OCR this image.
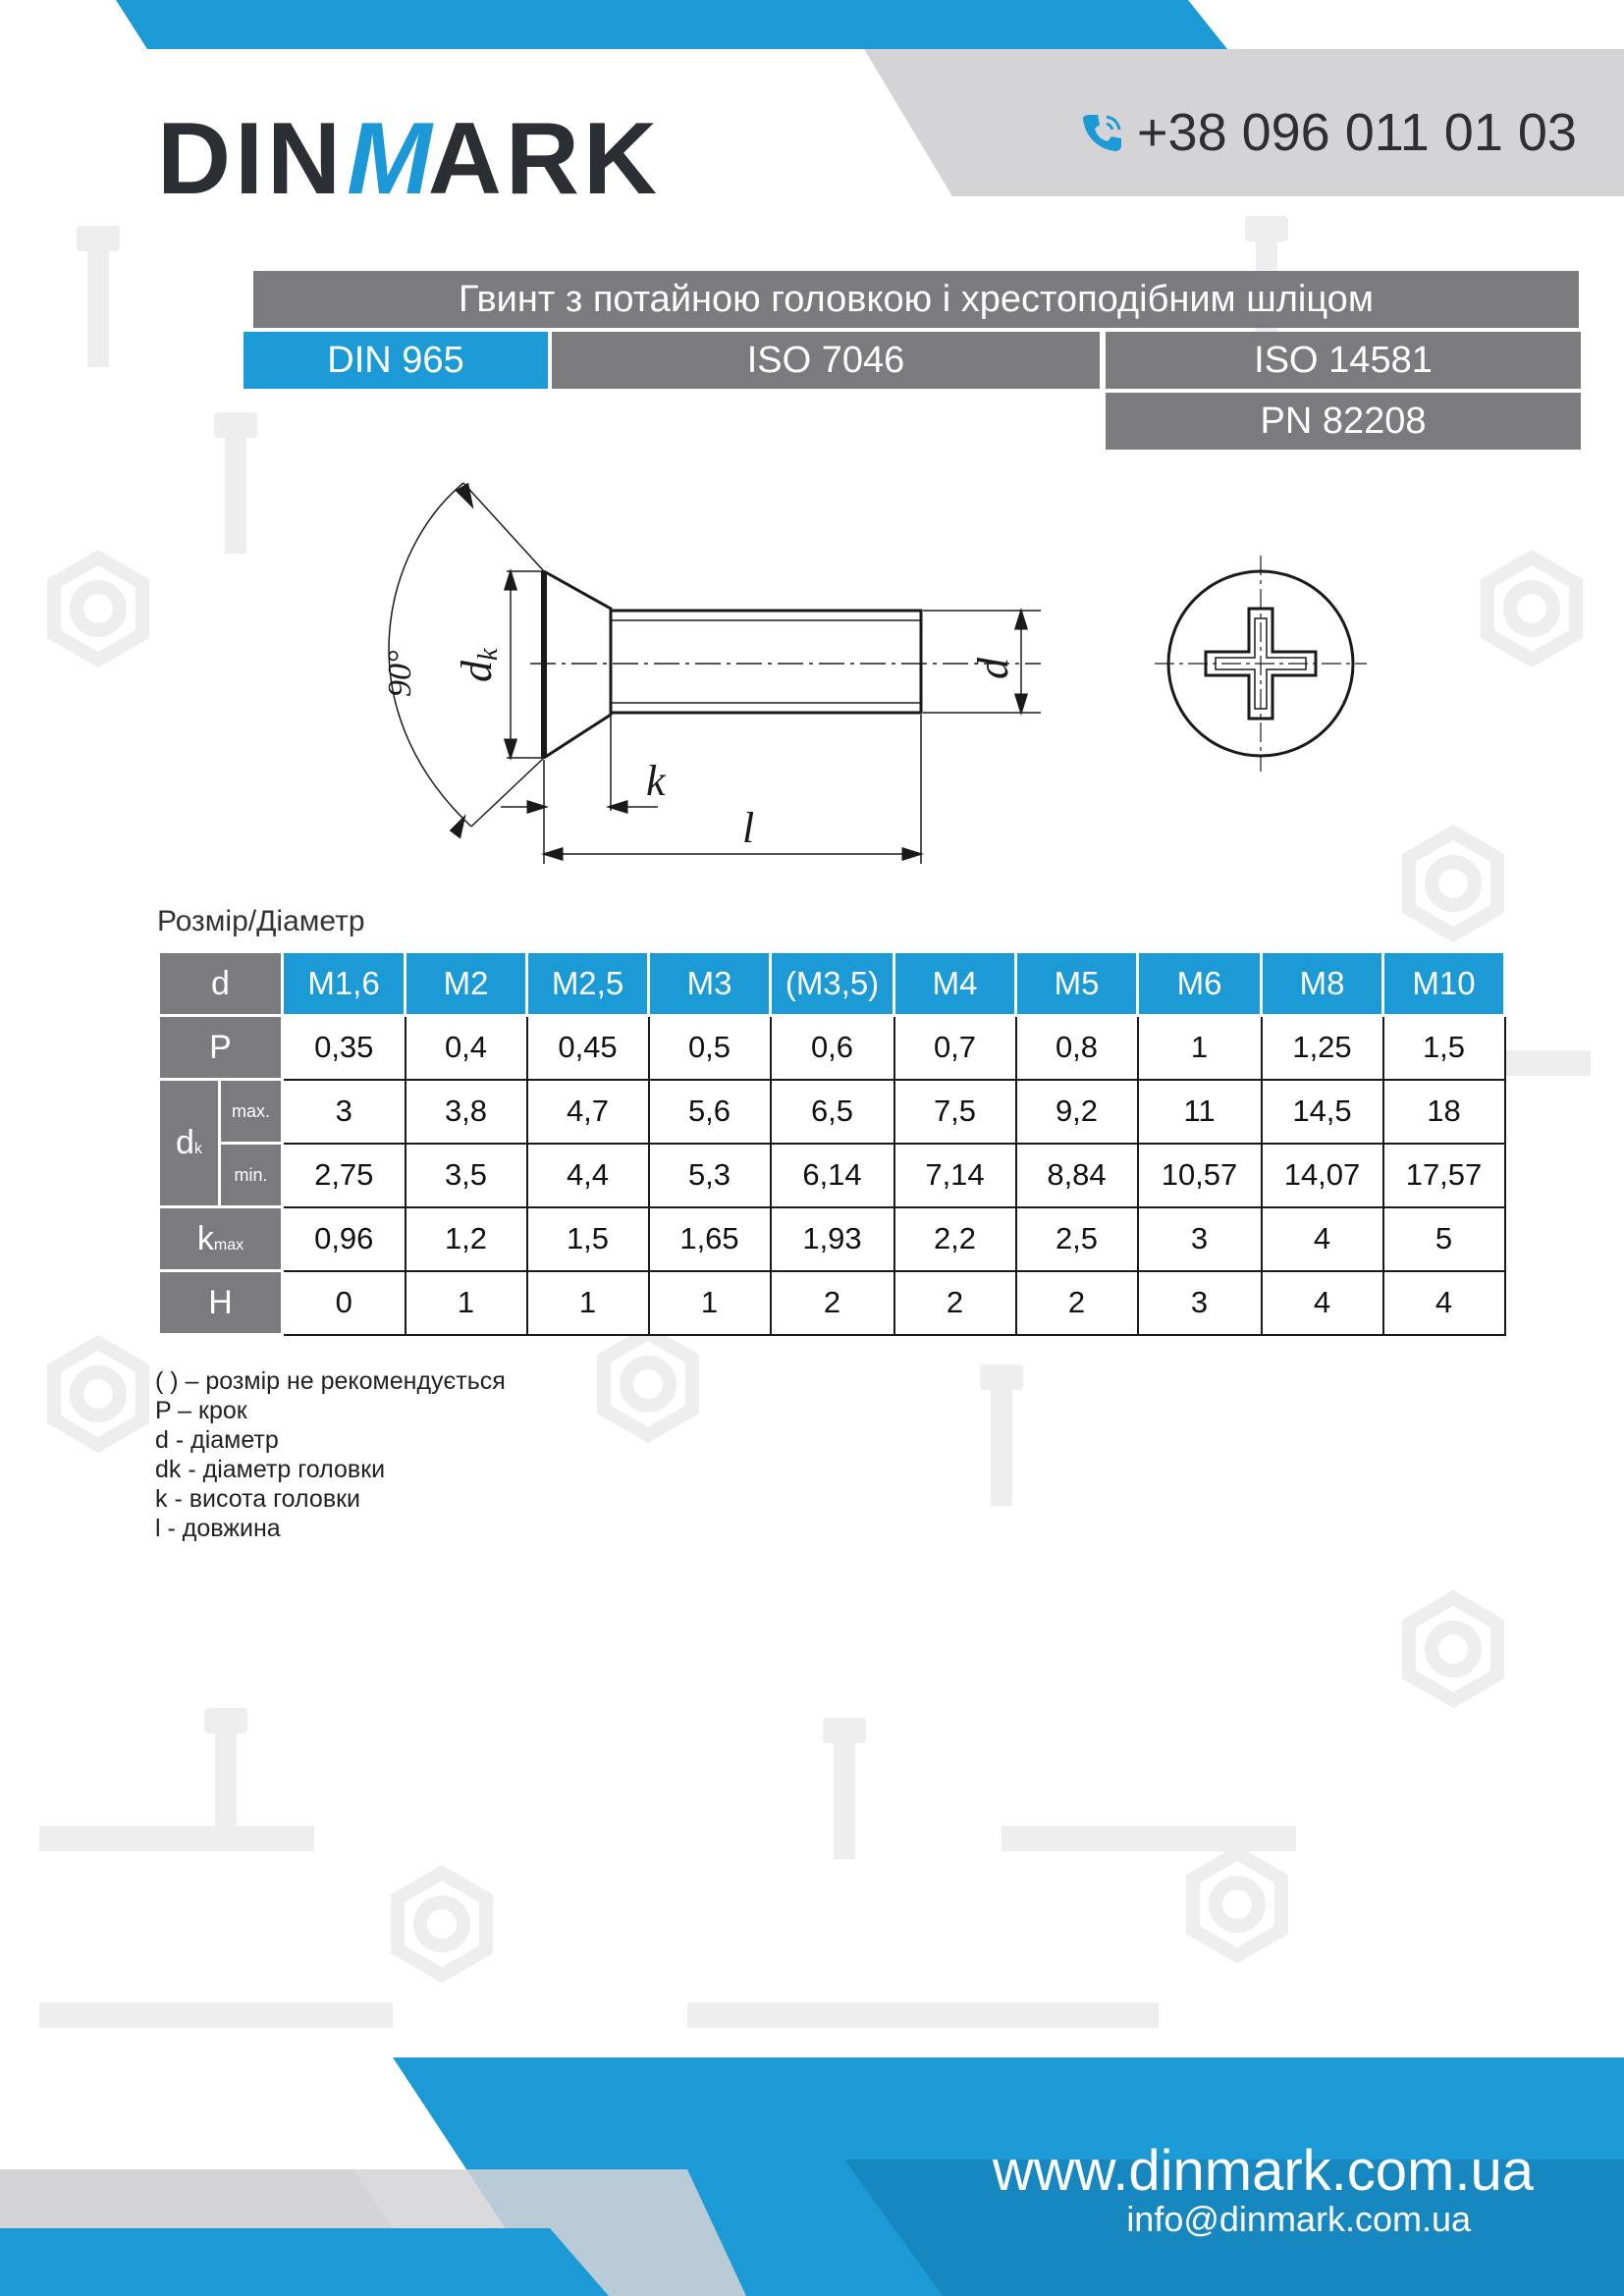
DIN M ARK	+38 096 011 01 03
Гвинт з потайною головкою і хрестоподібним шліцом
DIN 965	ISO 7046	ISO 14581
PN 82208
90° dk
d
k
l
Розмір/Діаметр
d		M1,6	M2	M2,5	M3	(M3,5)	M4	M5	M6	M8	M10
P		0,35	0,4	0,45	0,5	0,6	0,7	0,8	1	1,25	1,5
dk	max.	3	3,8	4,7	5,6	6,5	7,5	9,2	11	14,5	18
	min.	2,75	3,5	4,4	5,3	6,14	7,14	8,84	10,57	14,07	17,57
kmax		0,96	1,2	1,5	1,65	1,93	2,2	2,5	3	4	5
H		0	1	1	1	2	2	2	3	4	4
( ) – розмір не рекомендується
P – крок
d - діаметр
dk - діаметр головки
k - висота головки
l - довжина
www.dinmark.com.ua
info@dinmark.com.ua
